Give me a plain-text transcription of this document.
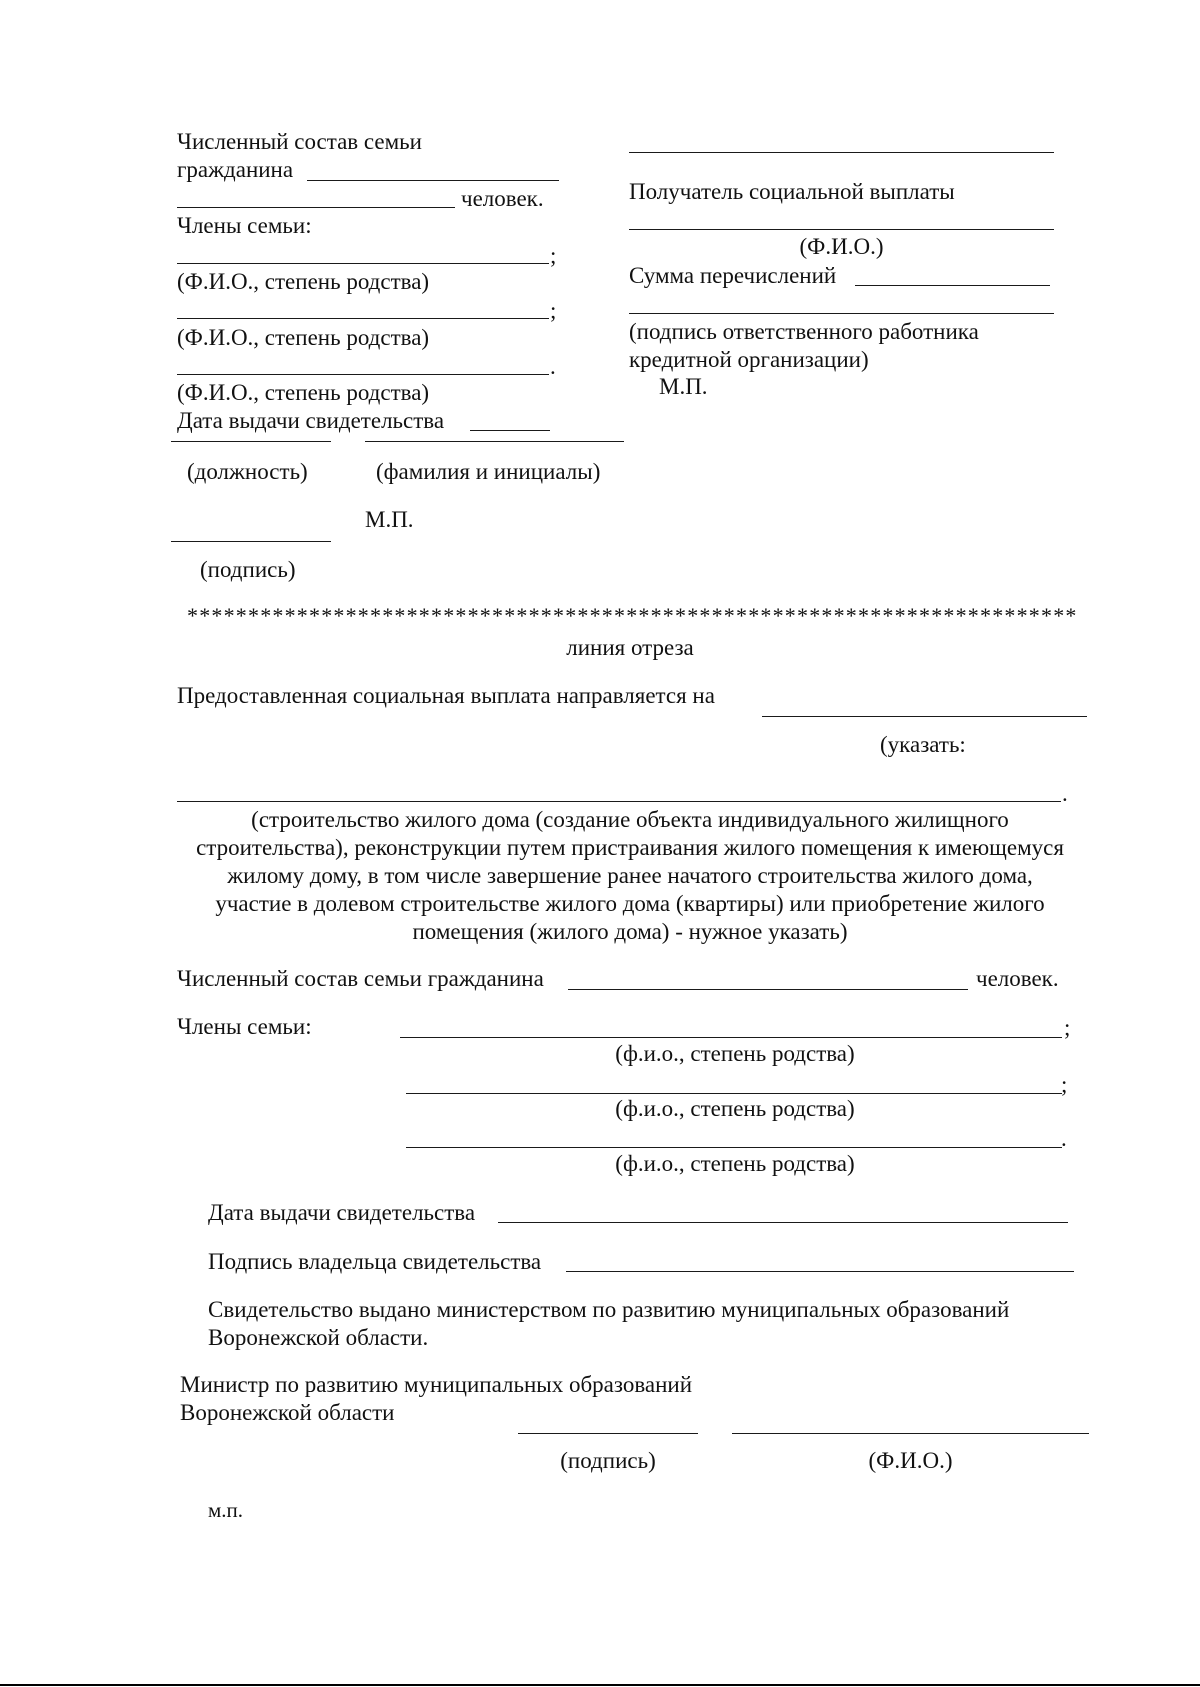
Численный состав семьи
гражданина
человек.
Члены семьи:
;
(Ф.И.О., степень родства)
;
(Ф.И.О., степень родства)
.
(Ф.И.О., степень родства)
Дата выдачи свидетельства
(должность)	(фамилия и инициалы)
М.П.
(подпись)
Получатель социальной выплаты
(Ф.И.О.)
Сумма перечислений
(подпись ответственного работника
кредитной организации)
М.П.
*************************************************************************
линия отреза
Предоставленная социальная выплата направляется на
(указать:
.
(строительство жилого дома (создание объекта индивидуального жилищного строительства), реконструкции путем пристраивания жилого помещения к имеющемуся жилому дому, в том числе завершение ранее начатого строительства жилого дома, участие в долевом строительстве жилого дома (квартиры) или приобретение жилого помещения (жилого дома) - нужное указать)
Численный состав семьи гражданина	человек.
Члены семьи:	;
(ф.и.о., степень родства)
;
(ф.и.о., степень родства)
.
(ф.и.о., степень родства)
Дата выдачи свидетельства
Подпись владельца свидетельства
Свидетельство выдано министерством по развитию муниципальных образований
Воронежской области.
Министр по развитию муниципальных образований
Воронежской области
(подпись)	(Ф.И.О.)
м.п.
